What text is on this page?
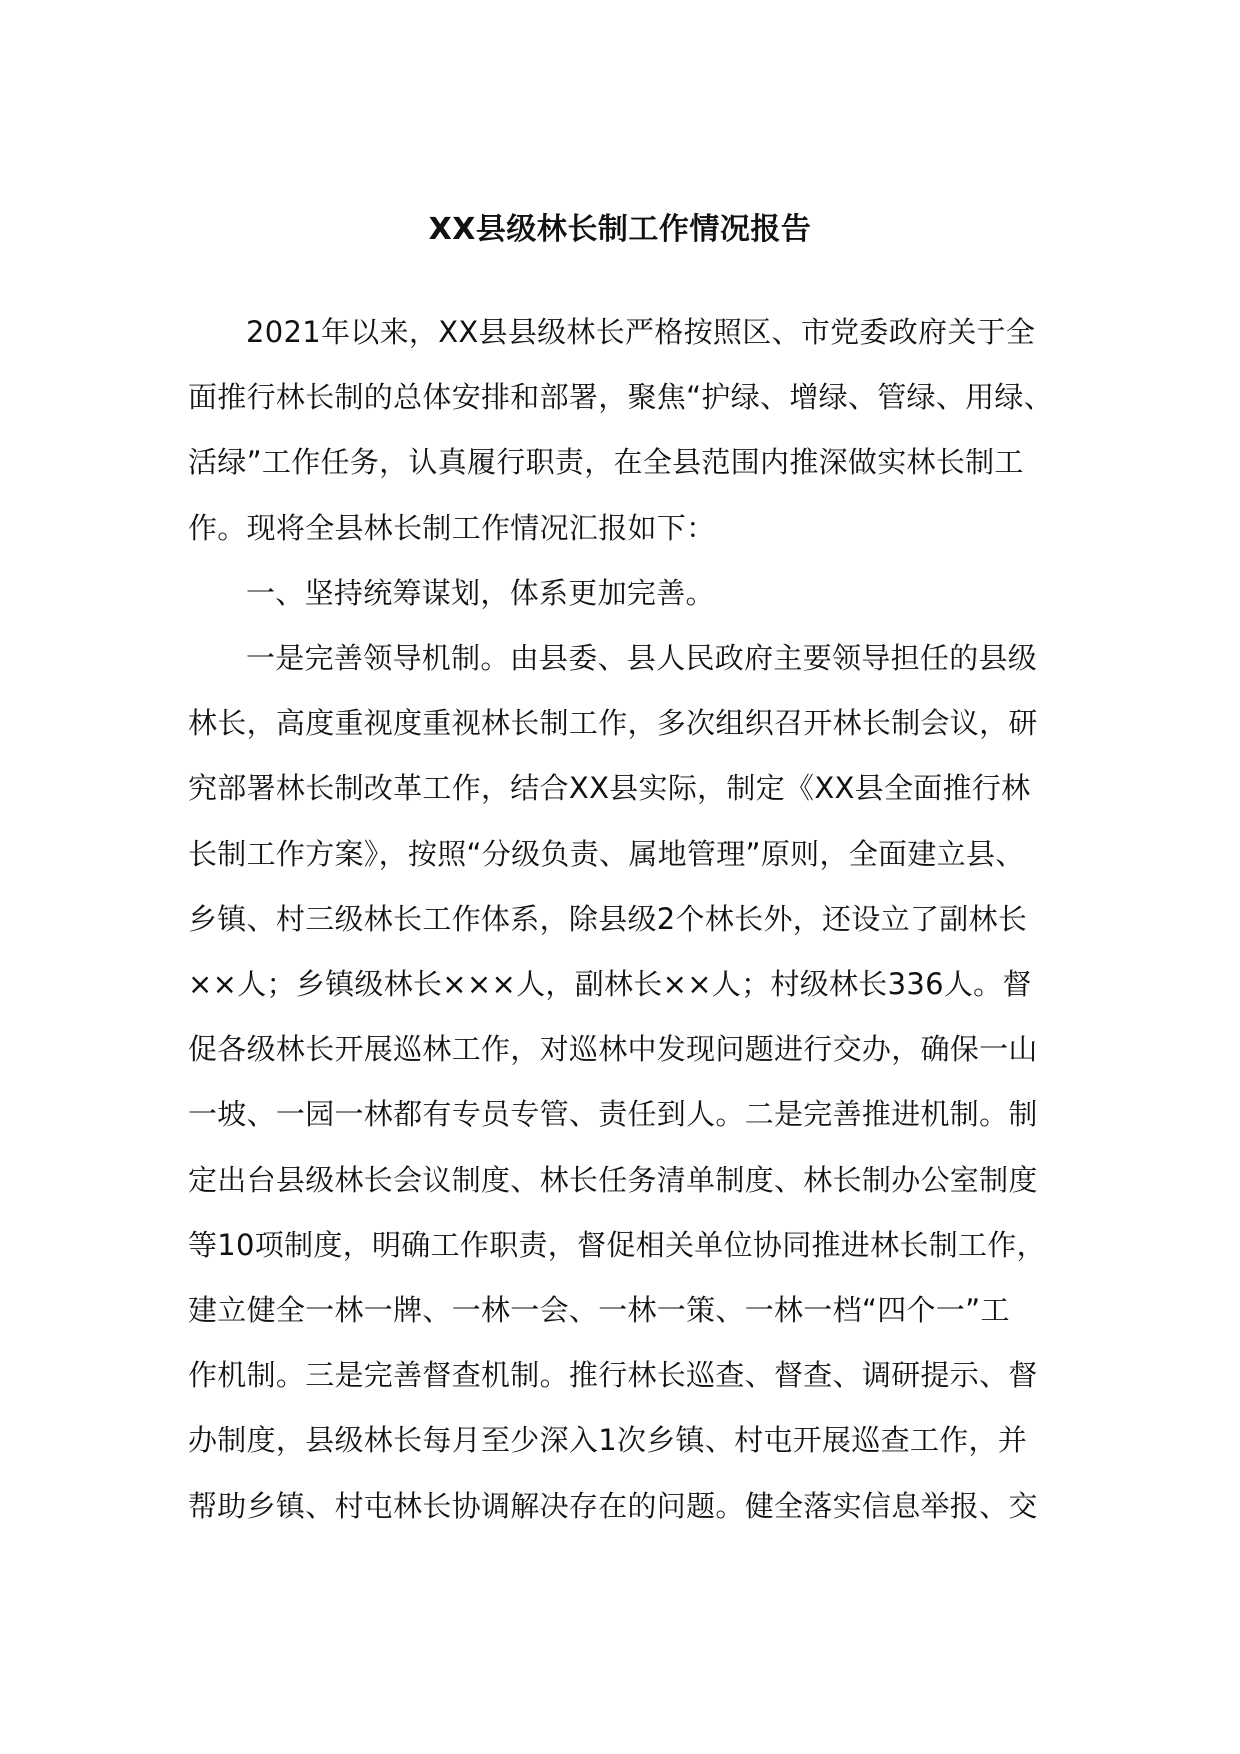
XX县级林长制工作情况报告

2021年以来，XX县县级林长严格按照区、市党委政府关于全
面推行林长制的总体安排和部署，聚焦“护绿、增绿、管绿、用绿、
活绿”工作任务，认真履行职责，在全县范围内推深做实林长制工
作。现将全县林长制工作情况汇报如下：

一、坚持统筹谋划，体系更加完善。

一是完善领导机制。由县委、县人民政府主要领导担任的县级
林长，高度重视度重视林长制工作，多次组织召开林长制会议，研
究部署林长制改革工作，结合XX县实际，制定《XX县全面推行林
长制工作方案》，按照“分级负责、属地管理”原则，全面建立县、
乡镇、村三级林长工作体系，除县级2个林长外，还设立了副林长
××人；乡镇级林长×××人，副林长××人；村级林长336人。督
促各级林长开展巡林工作，对巡林中发现问题进行交办，确保一山
一坡、一园一林都有专员专管、责任到人。二是完善推进机制。制
定出台县级林长会议制度、林长任务清单制度、林长制办公室制度
等10项制度，明确工作职责，督促相关单位协同推进林长制工作，
建立健全一林一牌、一林一会、一林一策、一林一档“四个一”工
作机制。三是完善督查机制。推行林长巡查、督查、调研提示、督
办制度，县级林长每月至少深入1次乡镇、村屯开展巡查工作，并
帮助乡镇、村屯林长协调解决存在的问题。健全落实信息举报、交
